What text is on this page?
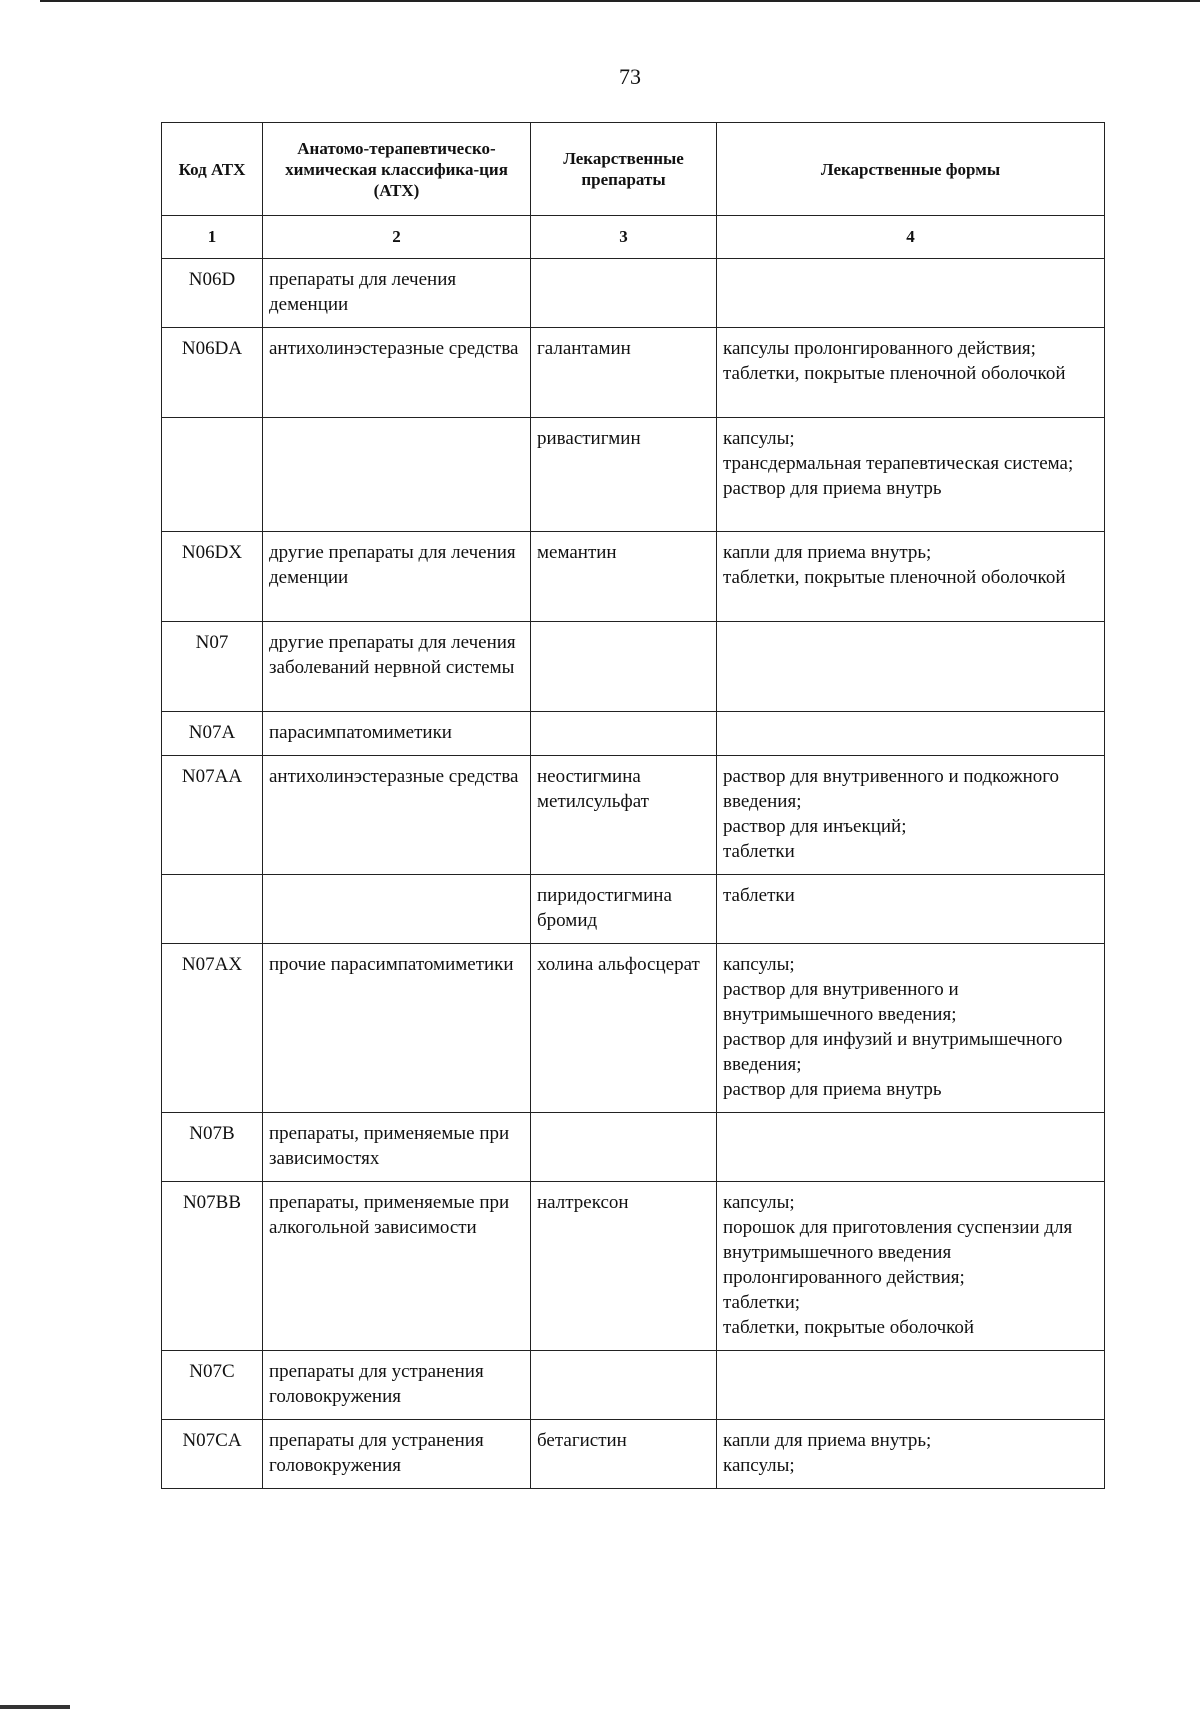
73
Код АТХ	Анатомо-терапевтическо-химическая классифика-ция (АТХ)	Лекарственные препараты	Лекарственные формы
1	2	3	4
N06D	препараты для лечения деменции		
N06DA	антихолинэстеразные средства	галантамин	капсулы пролонгированного действия;
таблетки, покрытые пленочной оболочкой

		ривастигмин	капсулы;
трансдермальная терапевтическая система;
раствор для приема внутрь

N06DX	другие препараты для лечения деменции	мемантин	капли для приема внутрь;
таблетки, покрытые пленочной оболочкой

N07	другие препараты для лечения заболеваний нервной системы		
N07A	парасимпатомиметики		
N07AA	антихолинэстеразные средства	неостигмина метилсульфат	раствор для внутривенного и подкожного введения;
раствор для инъекций;
таблетки

		пиридостигмина бромид	таблетки

N07AX	прочие парасимпатомиметики	холина альфосцерат	капсулы;
раствор для внутривенного и внутримышечного введения;
раствор для инфузий и внутримышечного введения;
раствор для приема внутрь

N07B	препараты, применяемые при зависимостях		
N07BB	препараты, применяемые при алкогольной зависимости	налтрексон	капсулы;
порошок для приготовления суспензии для внутримышечного введения пролонгированного действия;
таблетки;
таблетки, покрытые оболочкой

N07C	препараты для устранения головокружения		
N07CA	препараты для устранения головокружения	бетагистин	капли для приема внутрь;
капсулы;
